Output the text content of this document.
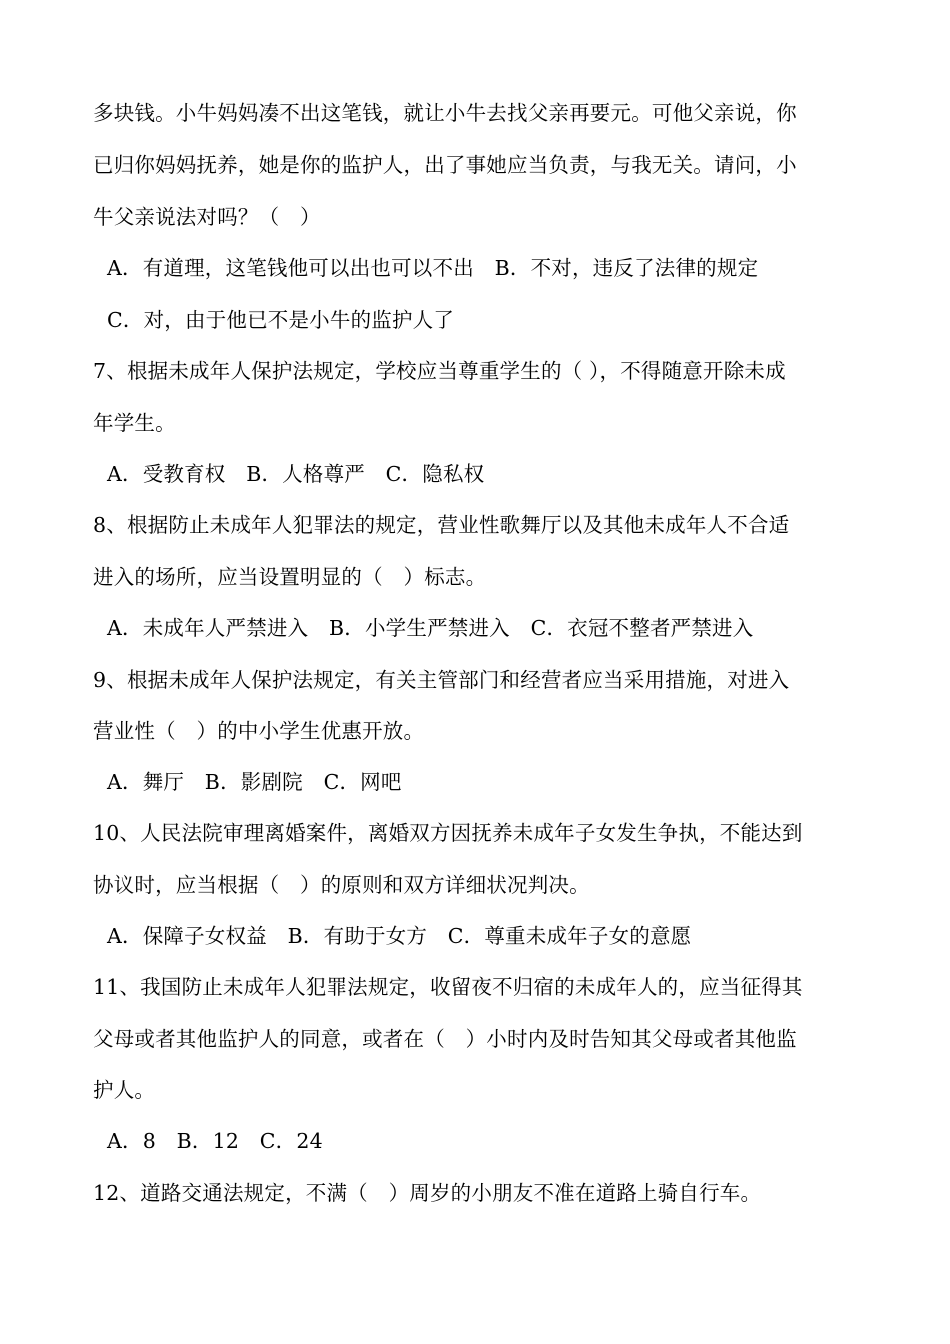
多块钱。小牛妈妈凑不出这笔钱，就让小牛去找父亲再要元。可他父亲说，你
已归你妈妈抚养，她是你的监护人，出了事她应当负责，与我无关。请问，小
牛父亲说法对吗？（　）
A．有道理，这笔钱他可以出也可以不出　B．不对，违反了法律的规定
C．对，由于他已不是小牛的监护人了
7、根据未成年人保护法规定，学校应当尊重学生的（ ），不得随意开除未成
年学生。
A．受教育权　B．人格尊严　C．隐私权
8、根据防止未成年人犯罪法的规定，营业性歌舞厅以及其他未成年人不合适
进入的场所，应当设置明显的（　）标志。
A．未成年人严禁进入　B．小学生严禁进入　C．衣冠不整者严禁进入
9、根据未成年人保护法规定，有关主管部门和经营者应当采用措施，对进入
营业性（　）的中小学生优惠开放。
A．舞厅　B．影剧院　C．网吧
10、人民法院审理离婚案件，离婚双方因抚养未成年子女发生争执，不能达到
协议时，应当根据（　）的原则和双方详细状况判决。
A．保障子女权益　B．有助于女方　C．尊重未成年子女的意愿
11、我国防止未成年人犯罪法规定，收留夜不归宿的未成年人的，应当征得其
父母或者其他监护人的同意，或者在（　）小时内及时告知其父母或者其他监
护人。
A．8　B．12　C．24
12、道路交通法规定，不满（　）周岁的小朋友不准在道路上骑自行车。
